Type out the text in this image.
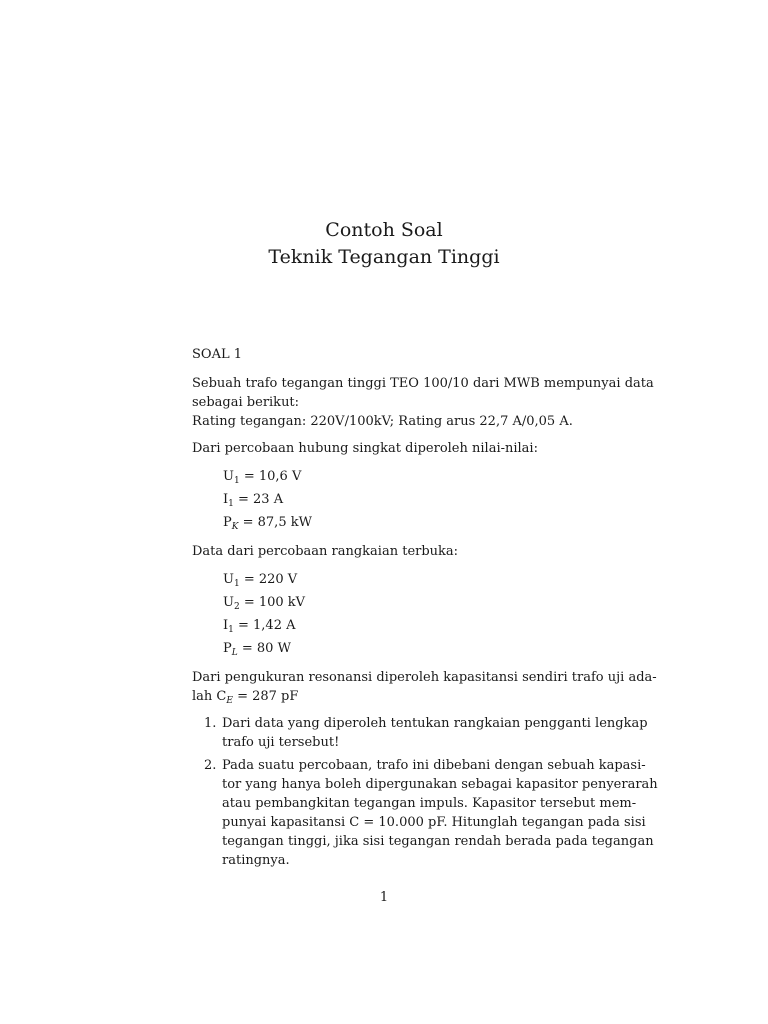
Contoh Soal
Teknik Tegangan Tinggi
SOAL 1
Sebuah trafo tegangan tinggi TEO 100/10 dari MWB mempunyai data
sebagai berikut:
Rating tegangan: 220V/100kV; Rating arus 22,7 A/0,05 A.
Dari percobaan hubung singkat diperoleh nilai-nilai:
$U_1 = 10,6$ V
$I_1 = 23$ A
$P_K = 87,5$ kW
Data dari percobaan rangkaian terbuka:
$U_1 = 220$ V
$U_2 = 100$ kV
$I_1 = 1,42$ A
$P_L = 80$ W
Dari pengukuran resonansi diperoleh kapasitansi sendiri trafo uji ada-
lah $C_E = 287$ pF
1. Dari data yang diperoleh tentukan rangkaian pengganti lengkap
trafo uji tersebut!
2. Pada suatu percobaan, trafo ini dibebani dengan sebuah kapasi-
tor yang hanya boleh dipergunakan sebagai kapasitor penyerarah
atau pembangkitan tegangan impuls. Kapasitor tersebut mem-
punyai kapasitansi C = 10.000 pF. Hitunglah tegangan pada sisi
tegangan tinggi, jika sisi tegangan rendah berada pada tegangan
ratingnya.
1
